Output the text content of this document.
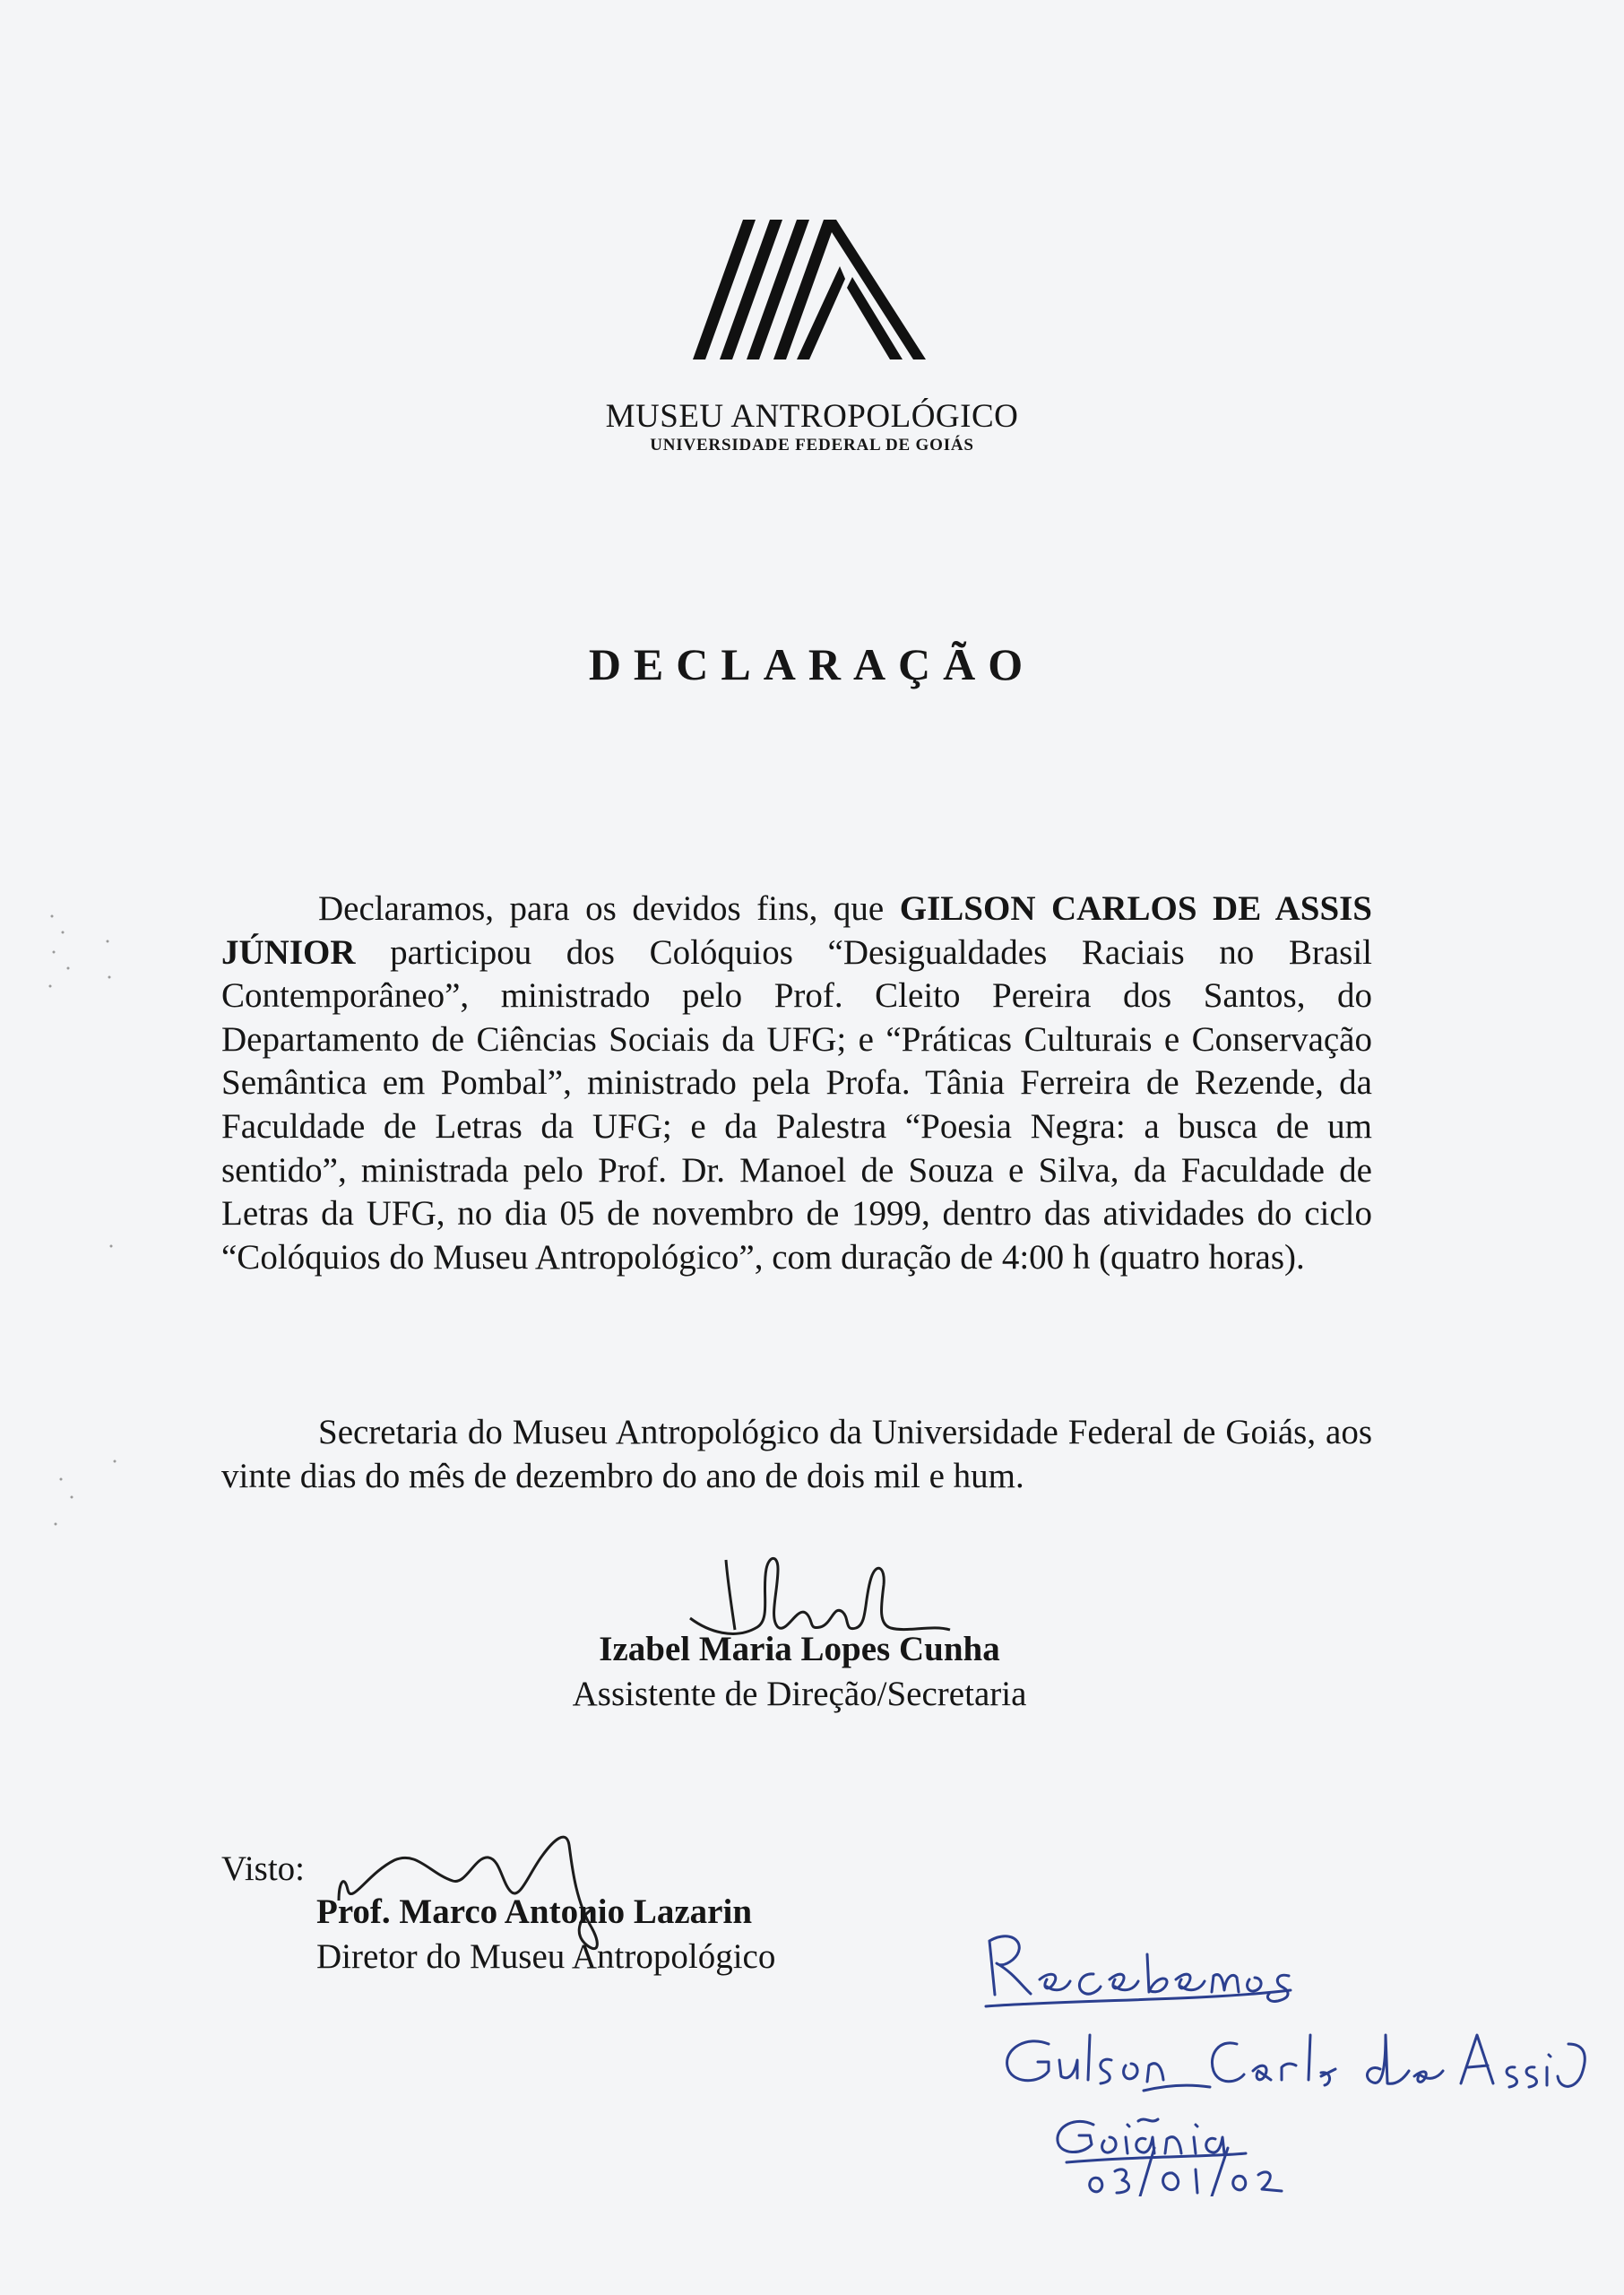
MUSEU ANTROPOLÓGICO
UNIVERSIDADE FEDERAL DE GOIÁS
DECLARAÇÃO
Declaramos, para os devidos fins, que GILSON CARLOS DE ASSIS JÚNIOR participou dos Colóquios “Desigualdades Raciais no Brasil Contemporâneo”, ministrado pelo Prof. Cleito Pereira dos Santos, do Departamento de Ciências Sociais da UFG; e “Práticas Culturais e Conservação Semântica em Pombal”, ministrado pela Profa. Tânia Ferreira de Rezende, da Faculdade de Letras da UFG; e da Palestra “Poesia Negra: a busca de um sentido”, ministrada pelo Prof. Dr. Manoel de Souza e Silva, da Faculdade de Letras da UFG, no dia 05 de novembro de 1999, dentro das atividades do ciclo “Colóquios do Museu Antropológico”, com duração de 4:00 h (quatro horas).
Secretaria do Museu Antropológico da Universidade Federal de Goiás, aos vinte dias do mês de dezembro do ano de dois mil e hum.
Izabel Maria Lopes Cunha
Assistente de Direção/Secretaria
Visto:
Prof. Marco Antonio Lazarin
Diretor do Museu Antropológico
